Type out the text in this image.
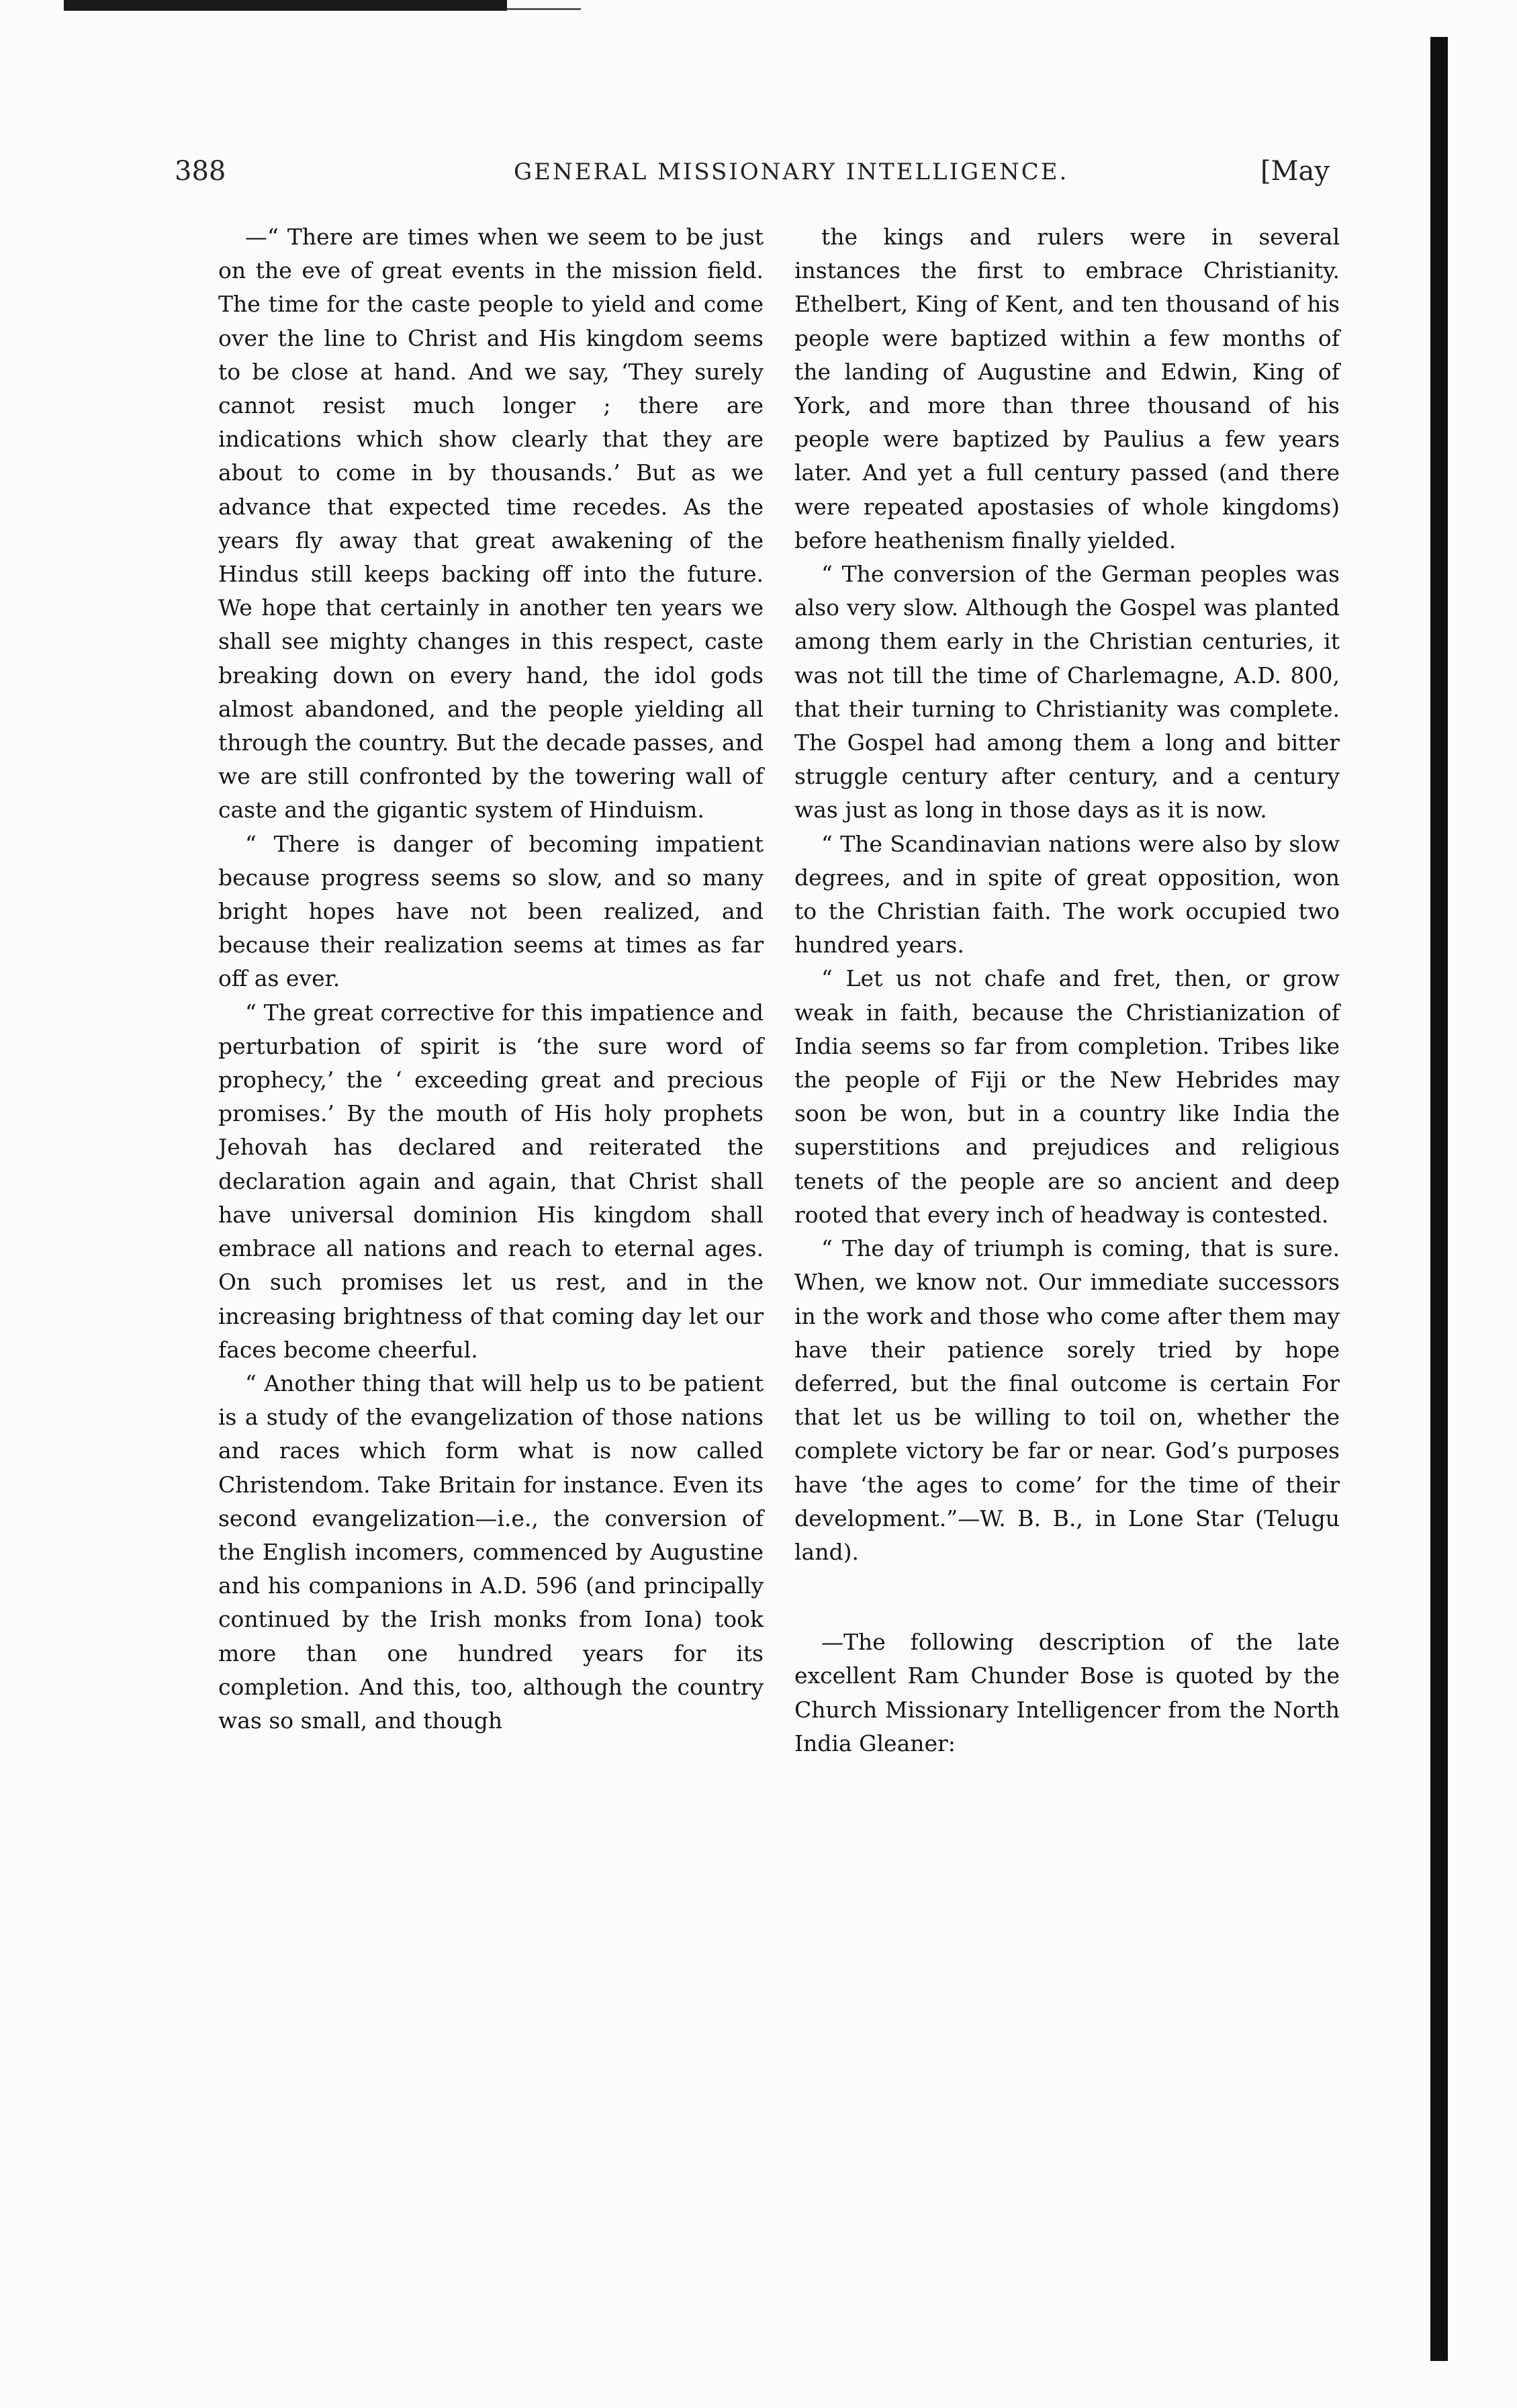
388	GENERAL MISSIONARY INTELLIGENCE.	[May

—“ There are times when we seem to be just on the eve of great events in the mission field. The time for the caste people to yield and come over the line to Christ and His kingdom seems to be close at hand. And we say, ‘They surely cannot resist much longer ; there are indications which show clearly that they are about to come in by thousands.’ But as we advance that expected time recedes. As the years fly away that great awakening of the Hindus still keeps backing off into the future. We hope that certainly in another ten years we shall see mighty changes in this respect, caste breaking down on every hand, the idol gods almost abandoned, and the people yielding all through the country. But the decade passes, and we are still confronted by the towering wall of caste and the gigantic system of Hinduism.

“ There is danger of becoming impatient because progress seems so slow, and so many bright hopes have not been realized, and because their realization seems at times as far off as ever.

“ The great corrective for this impatience and perturbation of spirit is ‘the sure word of prophecy,’ the ‘ exceeding great and precious promises.’ By the mouth of His holy prophets Jehovah has declared and reiterated the declaration again and again, that Christ shall have universal dominion His kingdom shall embrace all nations and reach to eternal ages. On such promises let us rest, and in the increasing brightness of that coming day let our faces become cheerful.

“ Another thing that will help us to be patient is a study of the evangelization of those nations and races which form what is now called Christendom. Take Britain for instance. Even its second evangelization—i.e., the conversion of the English incomers, commenced by Augustine and his companions in A.D. 596 (and principally continued by the Irish monks from Iona) took more than one hundred years for its completion. And this, too, although the country was so small, and though

the kings and rulers were in several instances the first to embrace Christianity. Ethelbert, King of Kent, and ten thousand of his people were baptized within a few months of the landing of Augustine and Edwin, King of York, and more than three thousand of his people were baptized by Paulius a few years later. And yet a full century passed (and there were repeated apostasies of whole kingdoms) before heathenism finally yielded.

“ The conversion of the German peoples was also very slow. Although the Gospel was planted among them early in the Christian centuries, it was not till the time of Charlemagne, A.D. 800, that their turning to Christianity was complete. The Gospel had among them a long and bitter struggle century after century, and a century was just as long in those days as it is now.

“ The Scandinavian nations were also by slow degrees, and in spite of great opposition, won to the Christian faith. The work occupied two hundred years.

“ Let us not chafe and fret, then, or grow weak in faith, because the Christianization of India seems so far from completion. Tribes like the people of Fiji or the New Hebrides may soon be won, but in a country like India the superstitions and prejudices and religious tenets of the people are so ancient and deep rooted that every inch of headway is contested.

“ The day of triumph is coming, that is sure. When, we know not. Our immediate successors in the work and those who come after them may have their patience sorely tried by hope deferred, but the final outcome is certain For that let us be willing to toil on, whether the complete victory be far or near. God’s purposes have ‘the ages to come’ for the time of their development.”—W. B. B., in Lone Star (Telugu land).

—The following description of the late excellent Ram Chunder Bose is quoted by the Church Missionary Intelligencer from the North India Gleaner:
